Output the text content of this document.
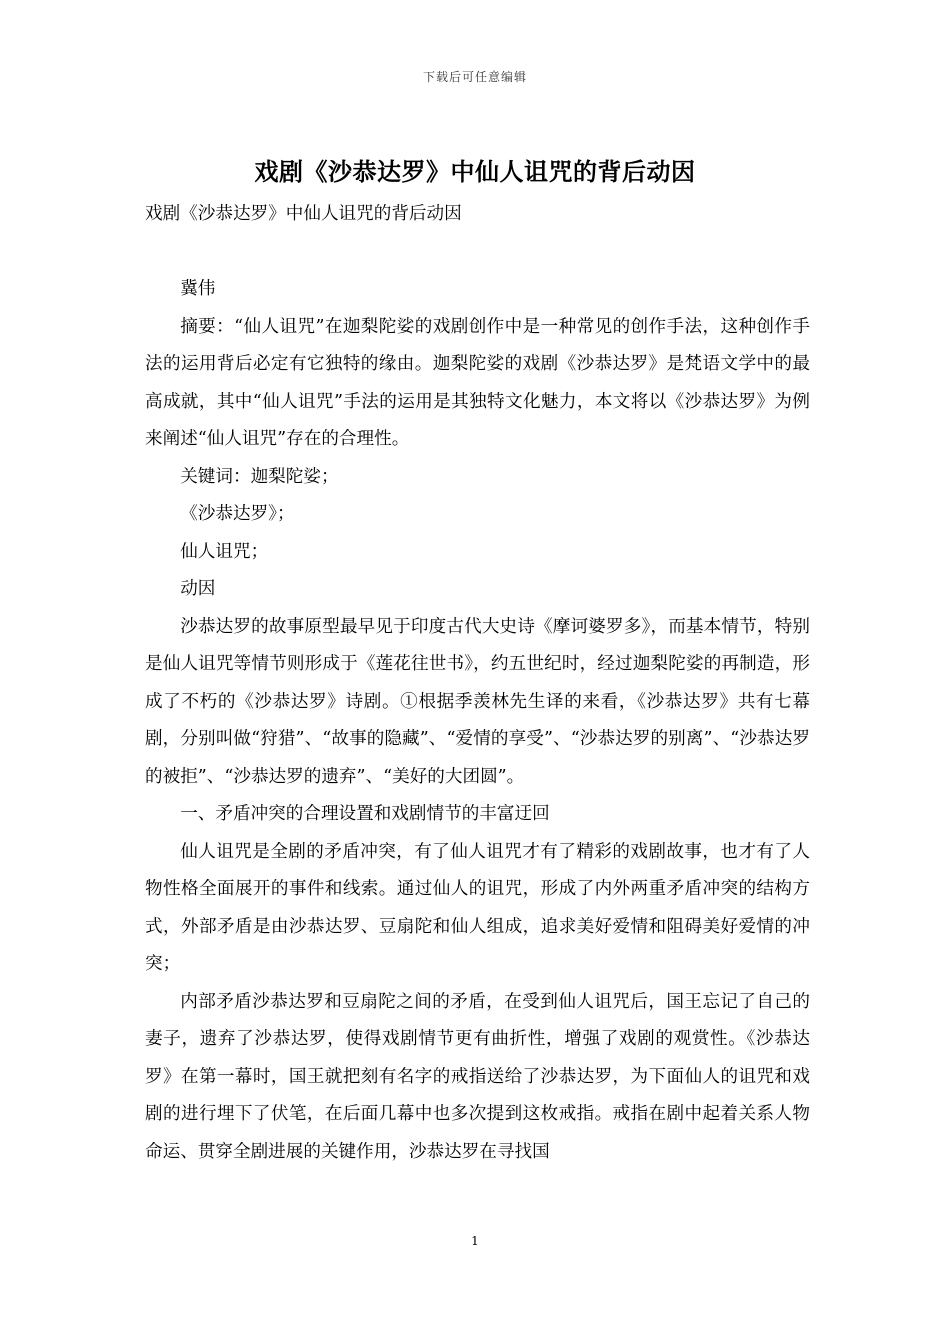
下载后可任意编辑
戏剧《沙恭达罗》中仙人诅咒的背后动因

戏剧《沙恭达罗》中仙人诅咒的背后动因

冀伟

摘要：“仙人诅咒”在迦梨陀娑的戏剧创作中是一种常见的创作手法，这种创作手法的运用背后必定有它独特的缘由。迦梨陀娑的戏剧《沙恭达罗》是梵语文学中的最高成就，其中“仙人诅咒”手法的运用是其独特文化魅力，本文将以《沙恭达罗》为例来阐述“仙人诅咒”存在的合理性。

关键词：迦梨陀娑；

《沙恭达罗》；

仙人诅咒；

动因

沙恭达罗的故事原型最早见于印度古代大史诗《摩诃婆罗多》，而基本情节，特别是仙人诅咒等情节则形成于《莲花往世书》，约五世纪时，经过迦梨陀娑的再制造，形成了不朽的《沙恭达罗》诗剧。①根据季羡林先生译的来看，《沙恭达罗》共有七幕剧，分别叫做“狩猎”、“故事的隐藏”、“爱情的享受”、“沙恭达罗的别离”、“沙恭达罗的被拒”、“沙恭达罗的遗弃”、“美好的大团圆”。

一、矛盾冲突的合理设置和戏剧情节的丰富迂回

仙人诅咒是全剧的矛盾冲突，有了仙人诅咒才有了精彩的戏剧故事，也才有了人物性格全面展开的事件和线索。通过仙人的诅咒，形成了内外两重矛盾冲突的结构方式，外部矛盾是由沙恭达罗、豆扇陀和仙人组成，追求美好爱情和阻碍美好爱情的冲突；

内部矛盾沙恭达罗和豆扇陀之间的矛盾，在受到仙人诅咒后，国王忘记了自己的妻子，遗弃了沙恭达罗，使得戏剧情节更有曲折性，增强了戏剧的观赏性。《沙恭达罗》在第一幕时，国王就把刻有名字的戒指送给了沙恭达罗，为下面仙人的诅咒和戏剧的进行埋下了伏笔，在后面几幕中也多次提到这枚戒指。戒指在剧中起着关系人物命运、贯穿全剧进展的关键作用，沙恭达罗在寻找国

1
